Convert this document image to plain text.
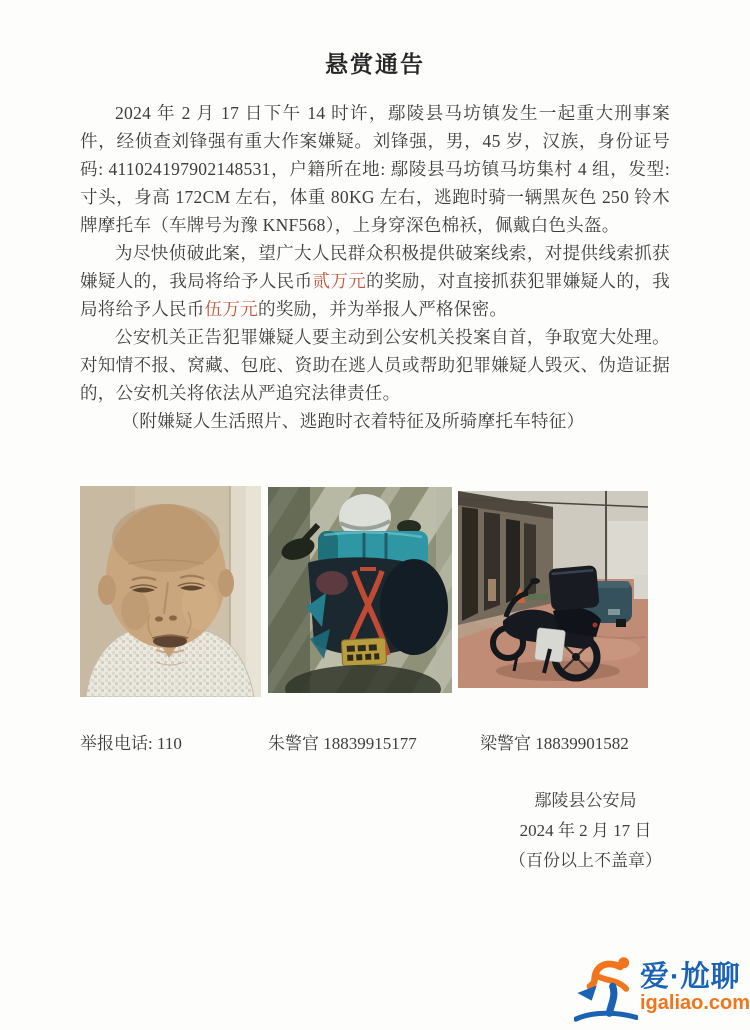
悬赏通告

2024 年 2 月 17 日下午 14 时许，鄢陵县马坊镇发生一起重大刑事案件，经侦查刘锋强有重大作案嫌疑。刘锋强，男，45 岁，汉族，身份证号码: 411024197902148531，户籍所在地: 鄢陵县马坊镇马坊集村 4 组，发型: 寸头，身高 172CM 左右，体重 80KG 左右，逃跑时骑一辆黑灰色 250 铃木牌摩托车（车牌号为豫 KNF568），上身穿深色棉袄，佩戴白色头盔。

为尽快侦破此案，望广大人民群众积极提供破案线索，对提供线索抓获嫌疑人的，我局将给予人民币贰万元的奖励，对直接抓获犯罪嫌疑人的，我局将给予人民币伍万元的奖励，并为举报人严格保密。

公安机关正告犯罪嫌疑人要主动到公安机关投案自首，争取宽大处理。对知情不报、窝藏、包庇、资助在逃人员或帮助犯罪嫌疑人毁灭、伪造证据的，公安机关将依法从严追究法律责任。

（附嫌疑人生活照片、逃跑时衣着特征及所骑摩托车特征）

举报电话: 110	朱警官 18839915177	梁警官 18839901582
鄢陵县公安局
2024 年 2 月 17 日
（百份以上不盖章）
爱·尬聊
igaliao.com
